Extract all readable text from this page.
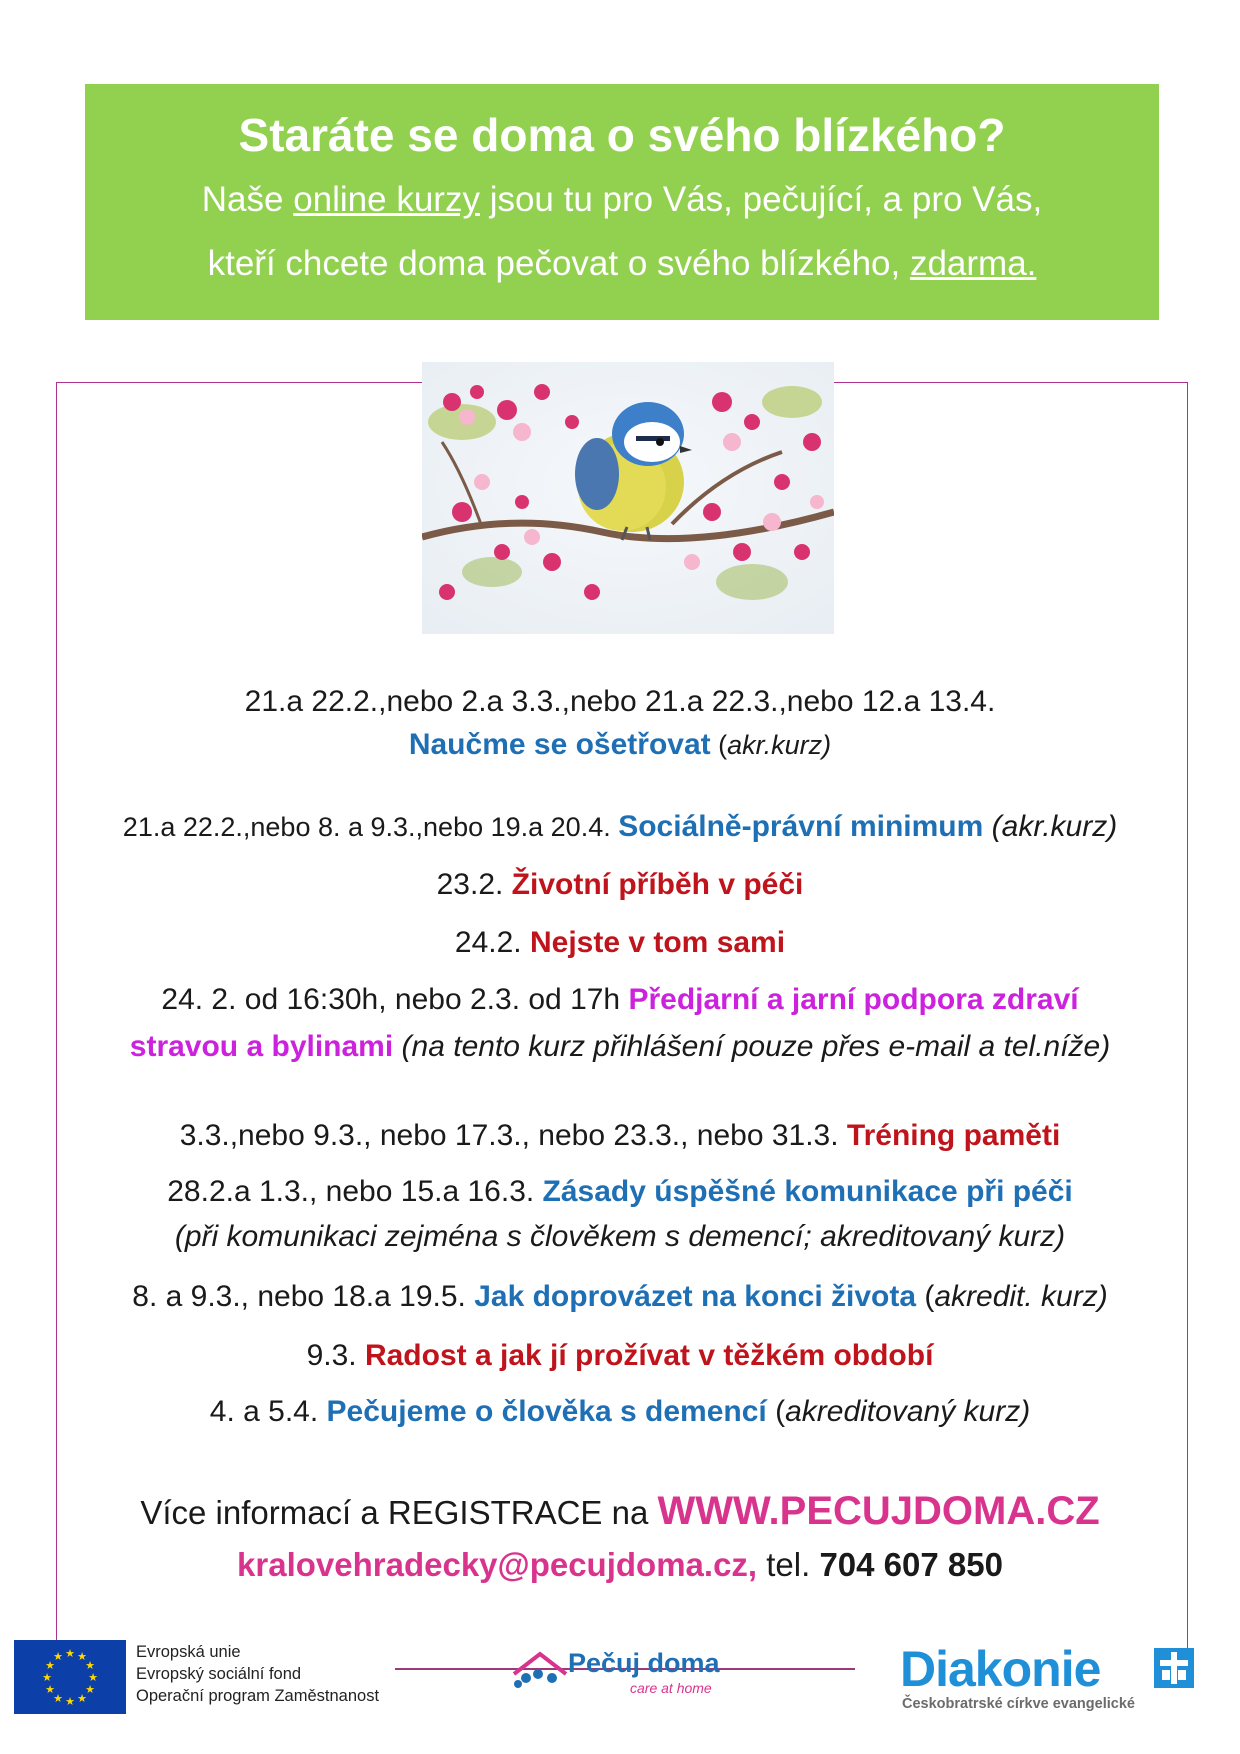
Staráte se doma o svého blízkého?
Naše online kurzy jsou tu pro Vás, pečující, a pro Vás,
kteří chcete doma pečovat o svého blízkého, zdarma.
21.a 22.2.,nebo 2.a 3.3.,nebo 21.a 22.3.,nebo 12.a 13.4.
Naučme se ošetřovat (akr.kurz)
21.a 22.2.,nebo 8. a 9.3.,nebo 19.a 20.4. Sociálně-právní minimum (akr.kurz)
23.2. Životní příběh v péči
24.2. Nejste v tom sami
24. 2. od 16:30h, nebo 2.3. od 17h Předjarní a jarní podpora zdraví
stravou a bylinami (na tento kurz přihlášení pouze přes e-mail a tel.níže)
3.3.,nebo 9.3., nebo 17.3., nebo 23.3., nebo 31.3. Tréning paměti
28.2.a 1.3., nebo 15.a 16.3. Zásady úspěšné komunikace při péči
(při komunikaci zejména s člověkem s demencí; akreditovaný kurz)
8. a 9.3., nebo 18.a 19.5. Jak doprovázet na konci života (akredit. kurz)
9.3. Radost a jak jí prožívat v těžkém období
4. a 5.4. Pečujeme o člověka s demencí (akreditovaný kurz)
Více informací a REGISTRACE na WWW.PECUJDOMA.CZ
kralovehradecky@pecujdoma.cz, tel. 704 607 850
★ ★
★
★
★
★
★
★
★
★
★
★	Evropská unie
Evropský sociální fond
Operační program Zaměstnanost
Pečuj doma
care at home	Diakonie
Českobratrské církve evangelické
